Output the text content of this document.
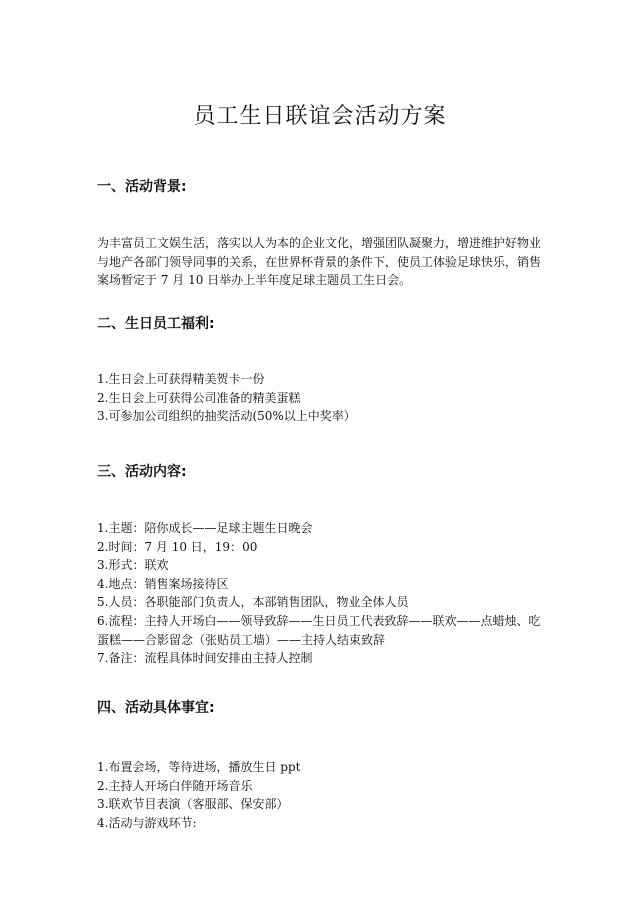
员工生日联谊会活动方案
一、活动背景:

为丰富员工文娱生活，落实以人为本的企业文化，增强团队凝聚力，增进维护好物业与地产各部门领导同事的关系，在世界杯背景的条件下，使员工体验足球快乐，销售案场暂定于 7 月 10 日举办上半年度足球主题员工生日会。

二、生日员工福利:
1.生日会上可获得精美贺卡一份
2.生日会上可获得公司准备的精美蛋糕
3.可参加公司组织的抽奖活动(50%以上中奖率）
三、活动内容:
1.主题：陪你成长——足球主题生日晚会
2.时间：7 月 10 日，19：00
3.形式：联欢
4.地点：销售案场接待区
5.人员：各职能部门负责人，本部销售团队，物业全体人员
6.流程：主持人开场白——领导致辞——生日员工代表致辞——联欢——点蜡烛、吃蛋糕——合影留念（张贴员工墙）——主持人结束致辞
7.备注：流程具体时间安排由主持人控制
四、活动具体事宜:
1.布置会场，等待进场，播放生日 ppt
2.主持人开场白伴随开场音乐
3.联欢节目表演（客服部、保安部）
4.活动与游戏环节:
